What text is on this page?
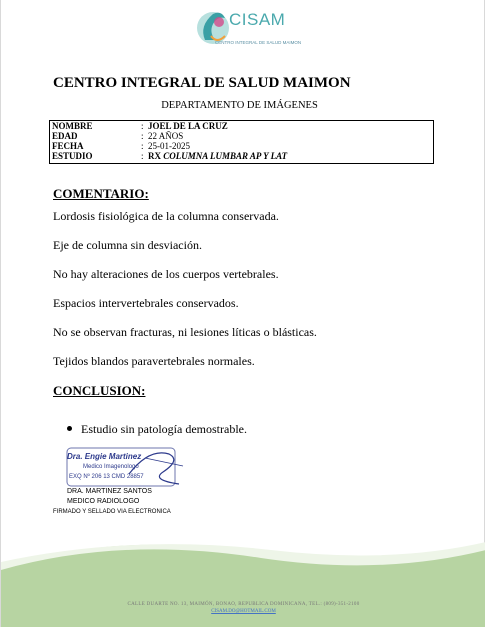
CISAM
CENTRO INTEGRAL DE SALUD MAIMON
CENTRO INTEGRAL DE SALUD MAIMON
DEPARTAMENTO DE IMÁGENES
NOMBRE	: JOEL DE LA CRUZ
EDAD	: 22 AÑOS
FECHA	: 25-01-2025
ESTUDIO	: RX COLUMNA LUMBAR AP Y LAT
COMENTARIO:
Lordosis fisiológica de la columna conservada.
Eje de columna sin desviación.
No hay alteraciones de los cuerpos vertebrales.
Espacios intervertebrales conservados.
No se observan fracturas, ni lesiones líticas o blásticas.
Tejidos blandos paravertebrales normales.
CONCLUSION:
Estudio sin patología demostrable.
Dra. Engie Martinez
Medico Imagenologo
EXQ Nº 206 13 CMD 28857
DRA. MARTINEZ SANTOS
MEDICO RADIOLOGO
FIRMADO Y SELLADO VIA ELECTRONICA
CALLE DUARTE NO. 13, MAIMÓN, BONAO, REPUBLICA DOMINICANA, TEL.: (809)-351-2100
CISAM.DO@HOTMAIL.COM
